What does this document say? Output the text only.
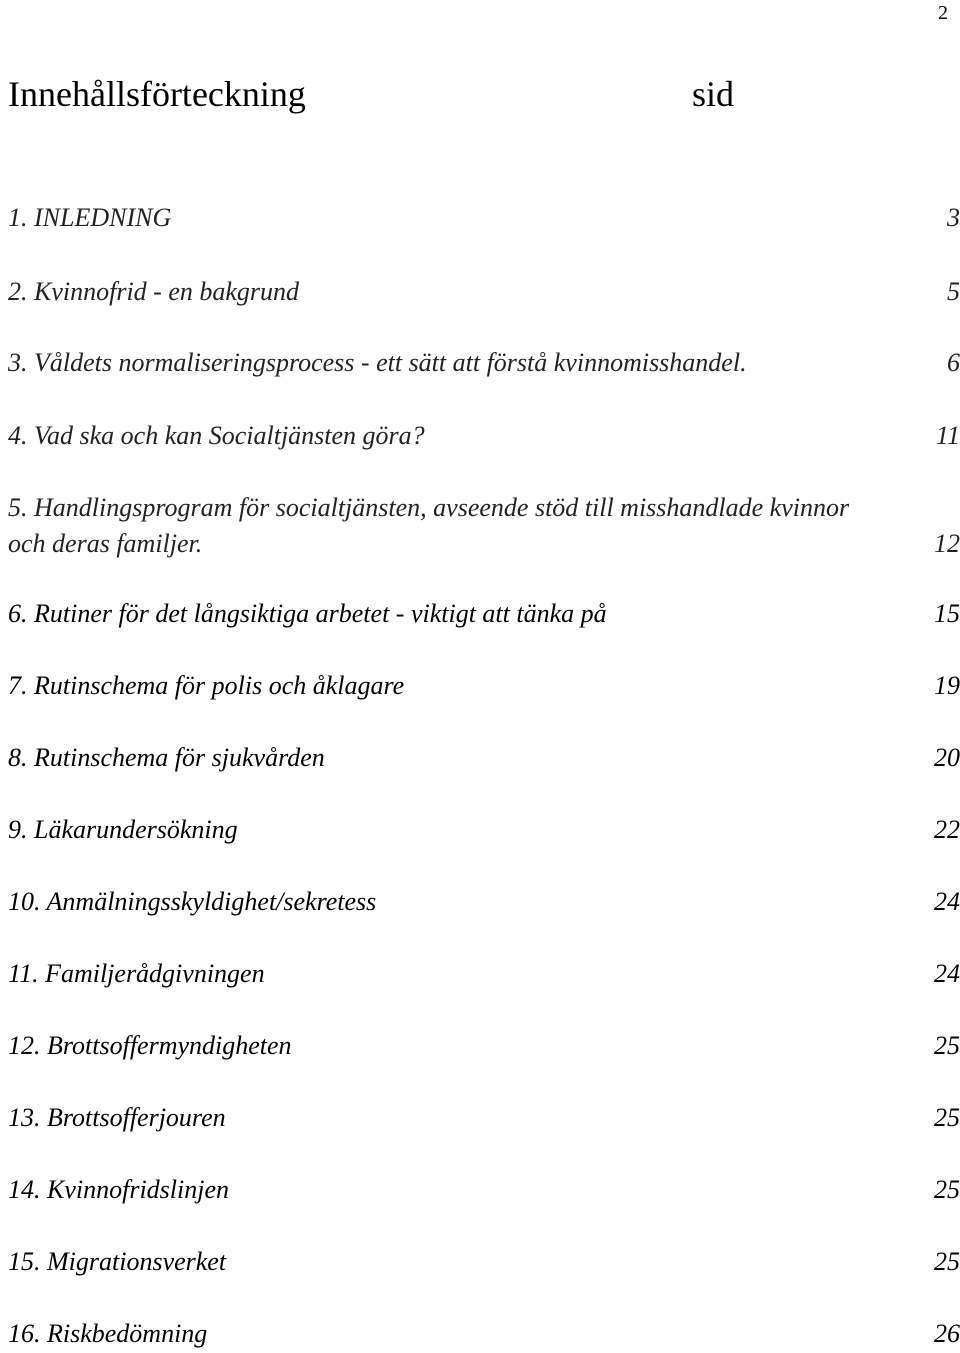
2
Innehållsförteckning	sid
1. INLEDNING	3
2. Kvinnofrid - en bakgrund	5
3. Våldets normaliseringsprocess - ett sätt att förstå kvinnomisshandel.	6
4. Vad ska och kan Socialtjänsten göra?	11
5. Handlingsprogram för socialtjänsten, avseende stöd till misshandlade kvinnor och deras familjer.	12
6. Rutiner för det långsiktiga arbetet - viktigt att tänka på	15
7. Rutinschema för polis och åklagare	19
8. Rutinschema för sjukvården	20
9. Läkarundersökning	22
10. Anmälningsskyldighet/sekretess	24
11. Familjerådgivningen	24
12. Brottsoffermyndigheten	25
13. Brottsofferjouren	25
14. Kvinnofridslinjen	25
15. Migrationsverket	25
16. Riskbedömning	26
